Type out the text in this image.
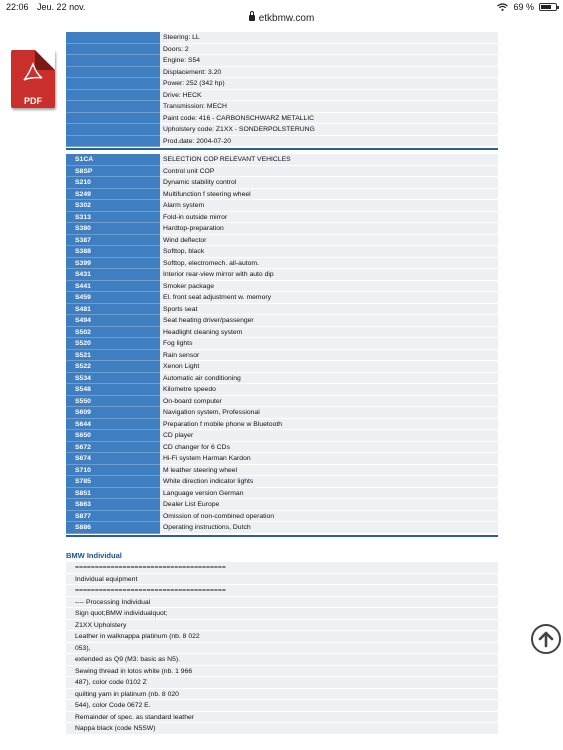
22:06 Jeu. 22 nov.	69 %
etkbmw.com
PDF
Steering: LL
Doors: 2
Engine: S54
Displacement: 3.20
Power: 252 (342 hp)
Drive: HECK
Transmission: MECH
Paint code: 416 - CARBONSCHWARZ METALLIC
Upholstery code: Z1XX - SONDERPOLSTERUNG
Prod.date: 2004-07-20
S1CA	SELECTION COP RELEVANT VEHICLES
S8SP	Control unit COP
S210	Dynamic stability control
S249	Multifunction f steering wheel
S302	Alarm system
S313	Fold-in outside mirror
S380	Hardtop-preparation
S387	Wind deflector
S388	Softtop, black
S399	Softtop, electromech. all-autom.
S431	Interior rear-view mirror with auto dip
S441	Smoker package
S459	El. front seat adjustment w. memory
S481	Sports seat
S494	Seat heating driver/passenger
S502	Headlight cleaning system
S520	Fog lights
S521	Rain sensor
S522	Xenon Light
S534	Automatic air conditioning
S548	Kilometre speedo
S550	On-board computer
S609	Navigation system, Professional
S644	Preparation f mobile phone w Bluetooth
S650	CD player
S672	CD changer for 6 CDs
S674	Hi-Fi system Harman Kardon
S710	M leather steering wheel
S785	White direction indicator lights
S851	Language version German
S863	Dealer List Europe
S877	Omission of non-combined operation
S886	Operating instructions, Dutch
BMW Individual
======================================
Individual equipment
======================================
---- Processing Individual
Sign quot;BMW individualquot;
Z1XX Upholstery
Leather in walknappa platinum (nb. 8 022
053),
extended as Q9 (M3: basic as N5).
Sewing thread in lotos white (nb. 1 966
487), color code 0102 Z
quilting yarn in platinum (nb. 8 020
544), color Code 0672 E.
Remainder of spec. as standard leather
Nappa black (code N5SW)
